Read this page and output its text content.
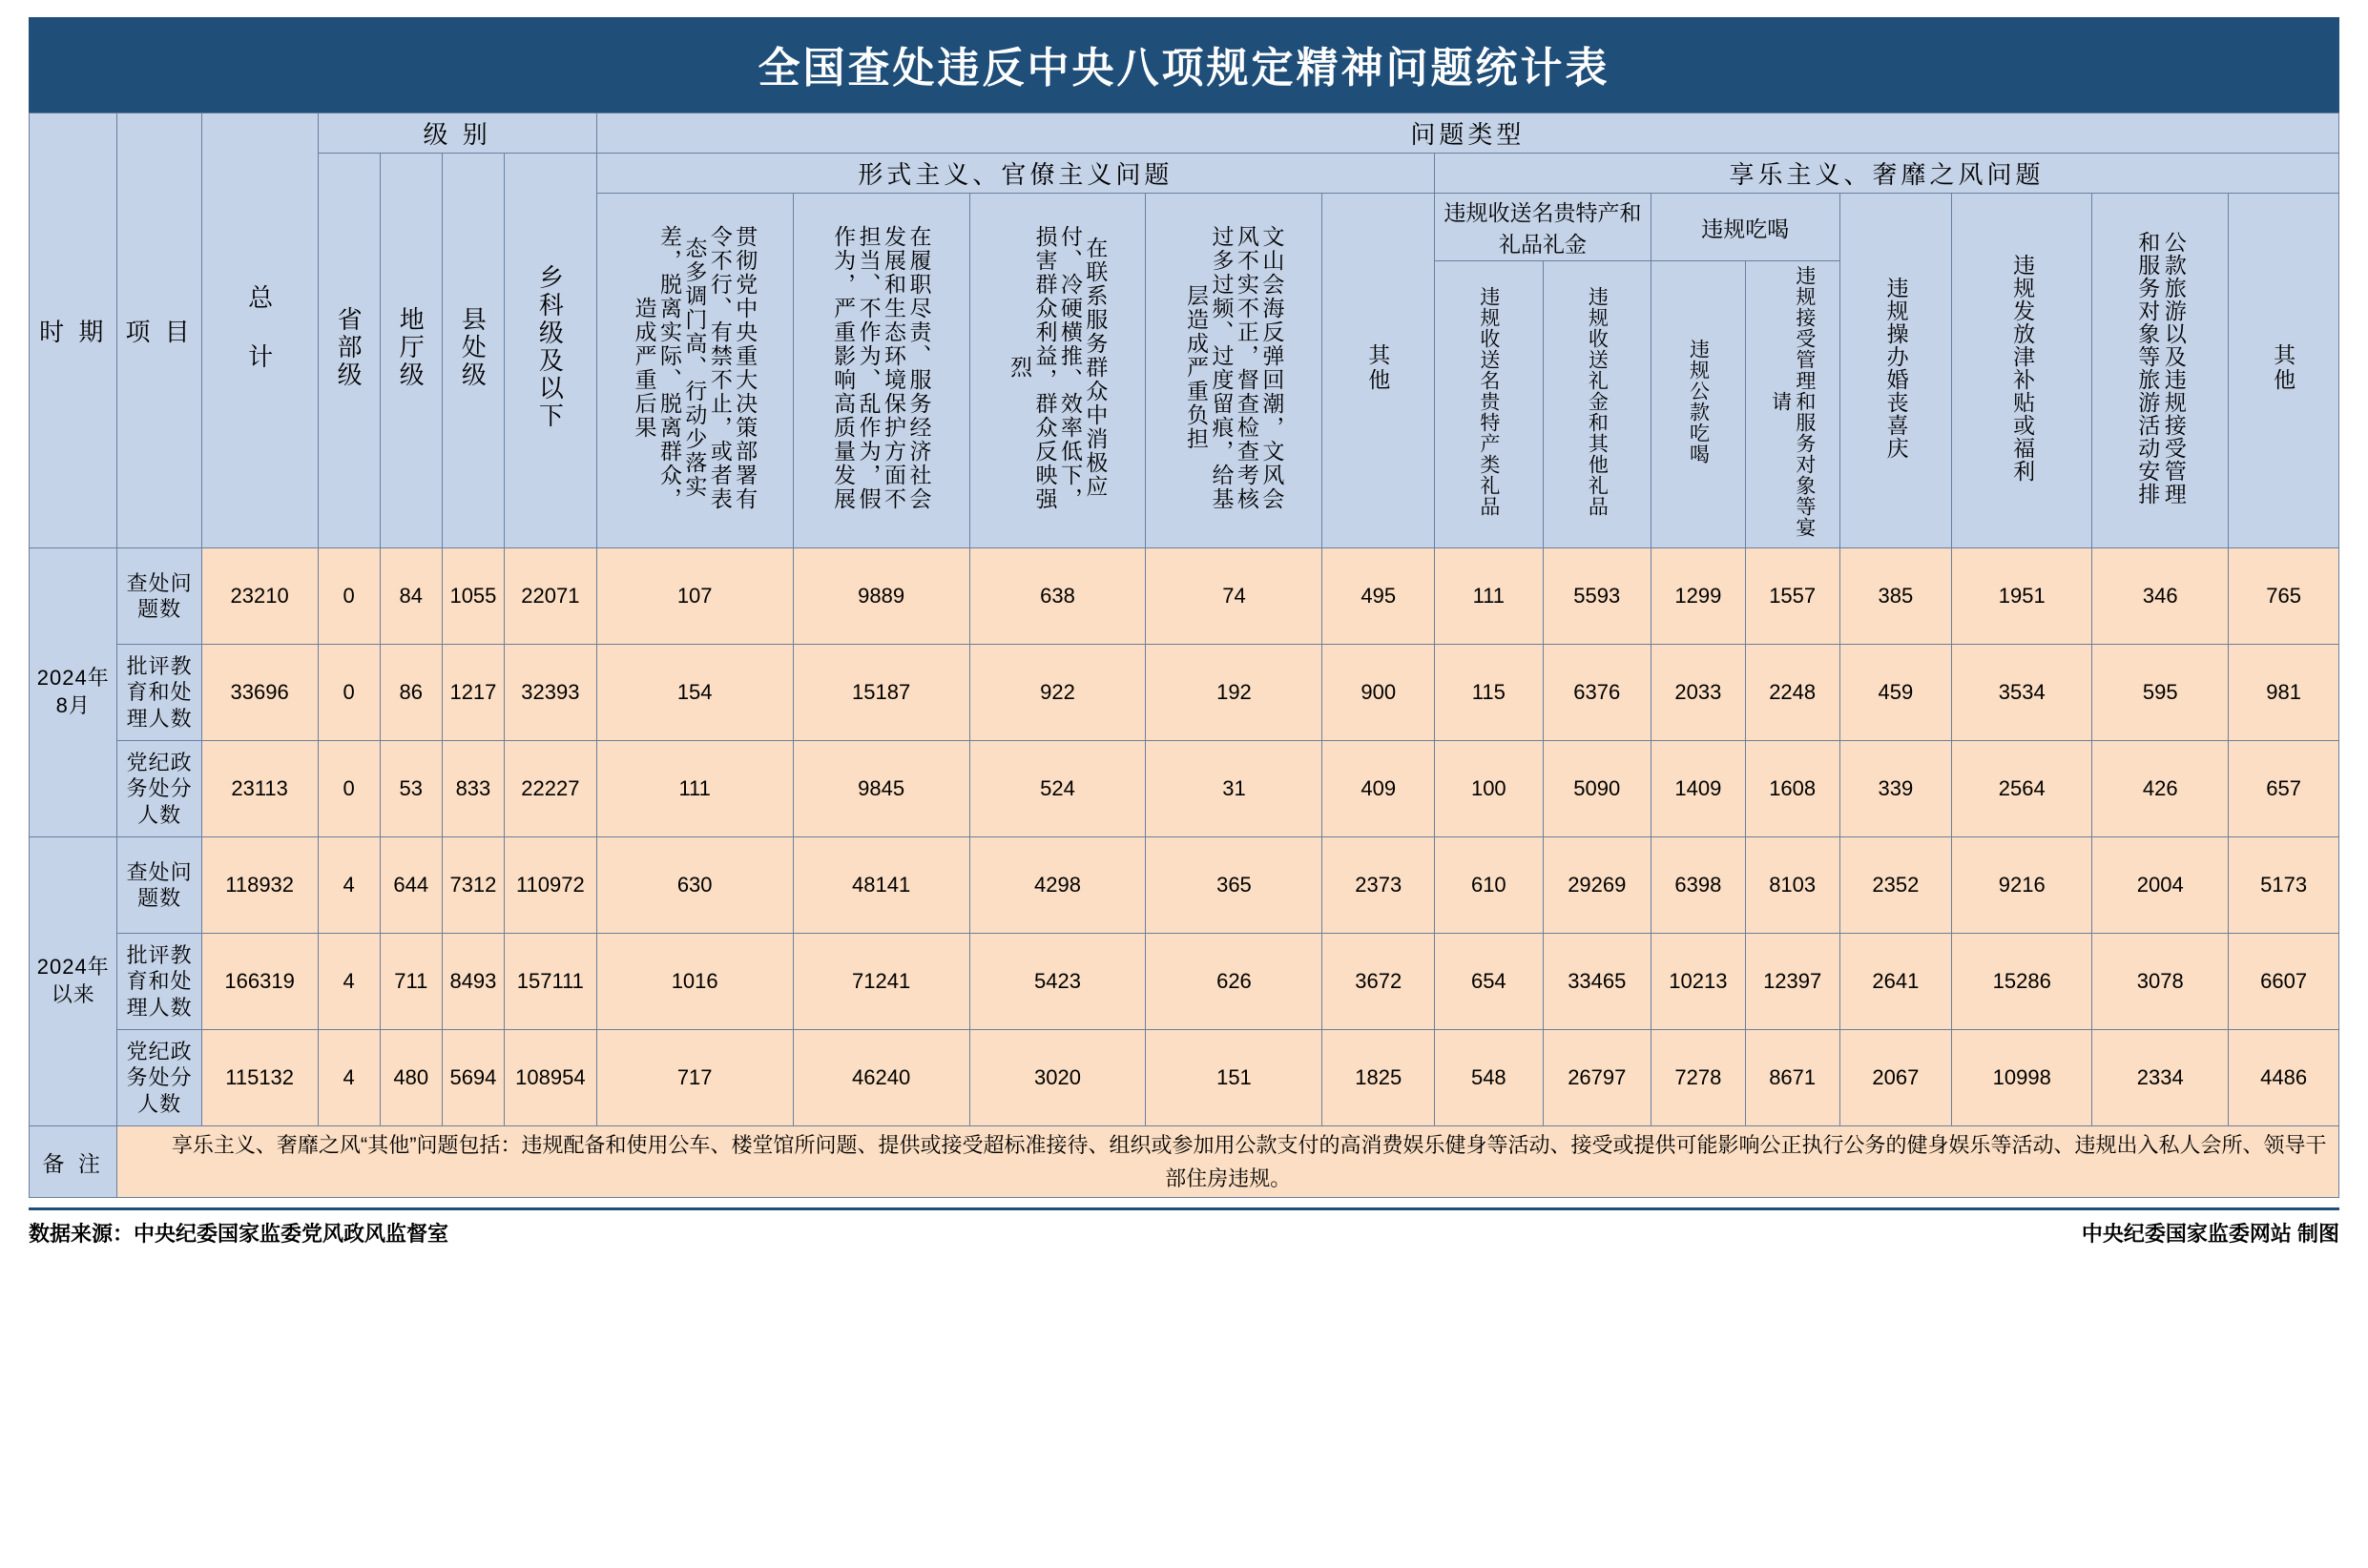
全国查处违反中央八项规定精神问题统计表
时 期	项 目	总 计	级 别				问题类型												
			省部级	地厅级	县处级	乡科级及以下	形式主义、官僚主义问题					享乐主义、奢靡之风问题							
							贯彻党中央重大决策部署有令不行、有禁不止，或者表态多调门高、行动少落实差，脱离实际、脱离群众，造成严重后果	在履职尽责、服务经济社会发展和生态环境保护方面不担当、不作为、乱作为，假作为，严重影响高质量发展	在联系服务群众中消极应付、冷硬横推、效率低下，损害群众利益，群众反映强烈	文山会海反弹回潮，文风会风不实不正，督查检查考核过多过频、过度留痕，给基层造成严重负担	其他	违规收送名贵特产和礼品礼金		违规吃喝		违规操办婚丧喜庆	违规发放津补贴或福利	公款旅游以及违规接受管理和服务对象等旅游活动安排	其他
												违规收送名贵特产类礼品	违规收送礼金和其他礼品	违规公款吃喝	违规接受管理和服务对象等宴请				
2024年8月	查处问题数	23210	0	84	1055	22071	107	9889	638	74	495	111	5593	1299	1557	385	1951	346	765
	批评教育和处理人数	33696	0	86	1217	32393	154	15187	922	192	900	115	6376	2033	2248	459	3534	595	981
	党纪政务处分人数	23113	0	53	833	22227	111	9845	524	31	409	100	5090	1409	1608	339	2564	426	657
2024年以来	查处问题数	118932	4	644	7312	110972	630	48141	4298	365	2373	610	29269	6398	8103	2352	9216	2004	5173
	批评教育和处理人数	166319	4	711	8493	157111	1016	71241	5423	626	3672	654	33465	10213	12397	2641	15286	3078	6607
	党纪政务处分人数	115132	4	480	5694	108954	717	46240	3020	151	1825	548	26797	7278	8671	2067	10998	2334	4486
备 注	享乐主义、奢靡之风“其他”问题包括：违规配备和使用公车、楼堂馆所问题、提供或接受超标准接待、组织或参加用公款支付的高消费娱乐健身等活动、接受或提供可能影响公正执行公务的健身娱乐等活动、违规出入私人会所、领导干部住房违规。																		

数据来源：中央纪委国家监委党风政风监督室	中央纪委国家监委网站 制图
